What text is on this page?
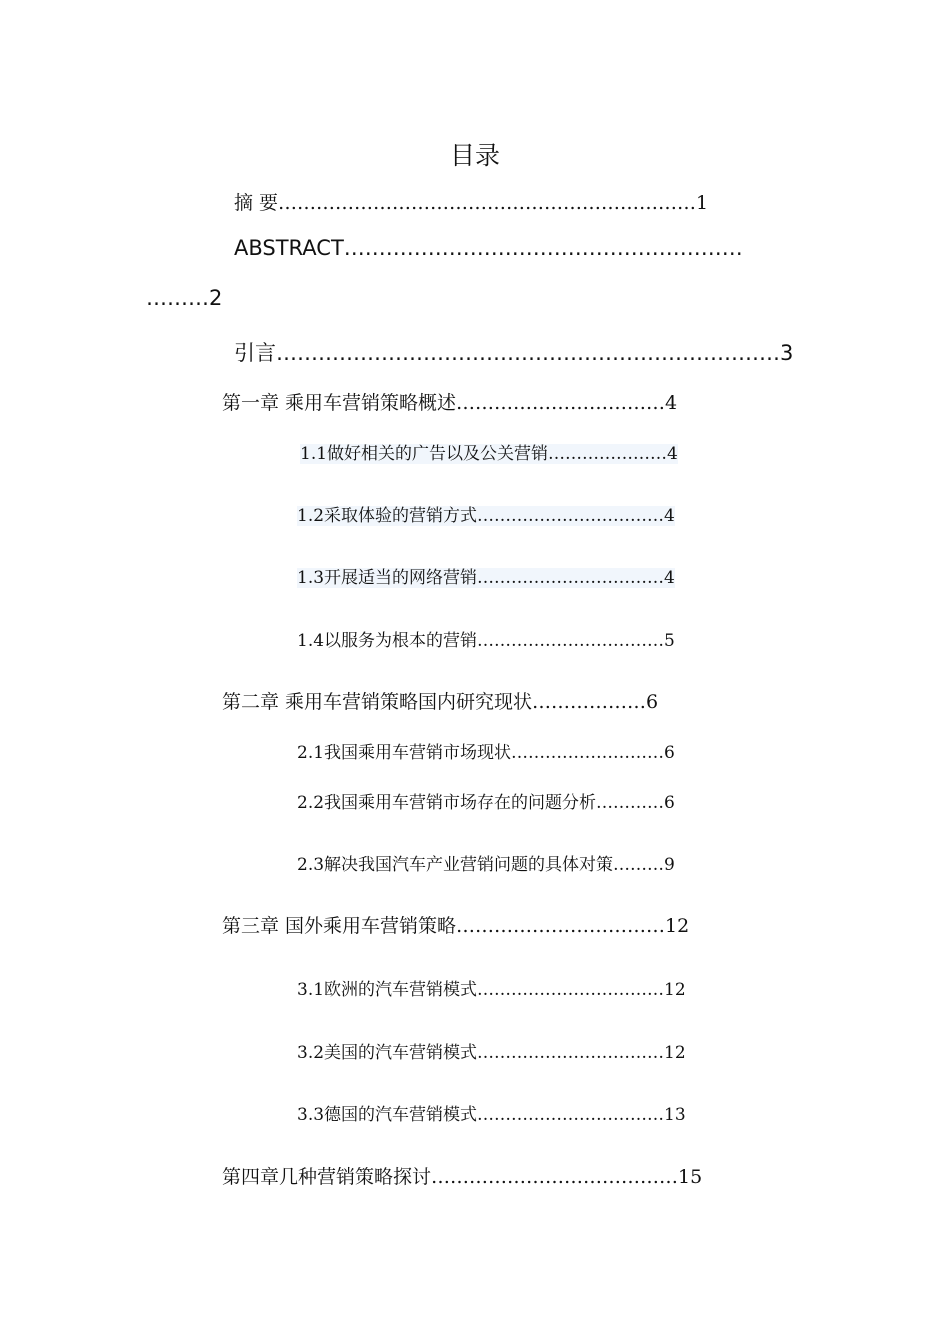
目录
摘 要…………………………………………………………1
ABSTRACT…………………………………………………
………2
引言………………………………………………………………3
第一章 乘用车营销策略概述……………………………4
1.1做好相关的广告以及公关营销…………………4
1.2采取体验的营销方式……………………………4
1.3开展适当的网络营销……………………………4
1.4以服务为根本的营销……………………………5
第二章 乘用车营销策略国内研究现状………………6
2.1我国乘用车营销市场现状………………………6
2.2我国乘用车营销市场存在的问题分析…………6
2.3解决我国汽车产业营销问题的具体对策………9
第三章 国外乘用车营销策略……………………………12
3.1欧洲的汽车营销模式……………………………12
3.2美国的汽车营销模式……………………………12
3.3德国的汽车营销模式……………………………13
第四章几种营销策略探讨…………………………………15
